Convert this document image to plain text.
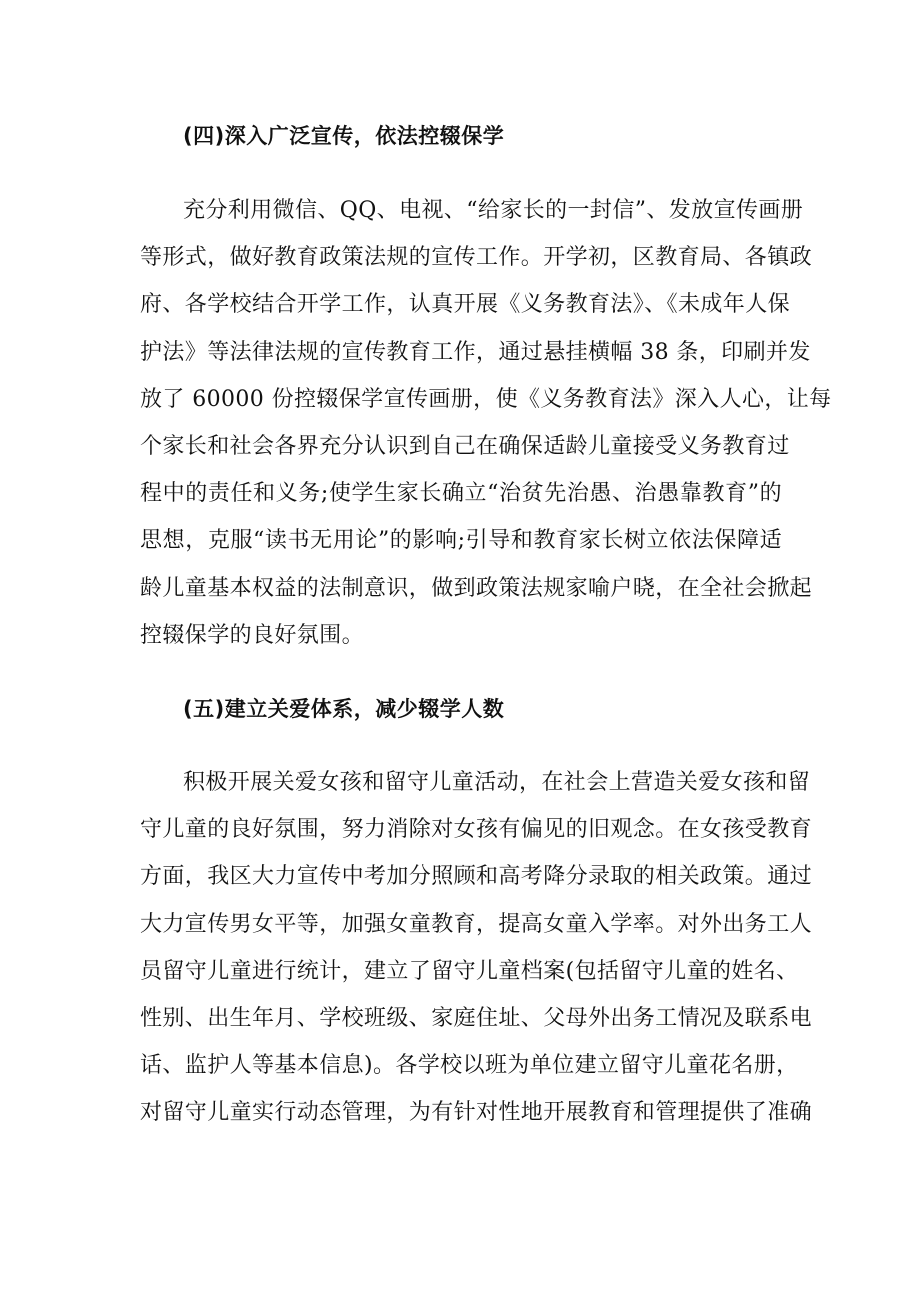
(四)深入广泛宣传，依法控辍保学
充分利用微信、QQ、电视、“给家长的一封信”、发放宣传画册
等形式，做好教育政策法规的宣传工作。开学初，区教育局、各镇政
府、各学校结合开学工作，认真开展《义务教育法》、《未成年人保
护法》等法律法规的宣传教育工作，通过悬挂横幅 38 条，印刷并发
放了 60000 份控辍保学宣传画册，使《义务教育法》深入人心，让每
个家长和社会各界充分认识到自己在确保适龄儿童接受义务教育过
程中的责任和义务;使学生家长确立“治贫先治愚、治愚靠教育”的
思想，克服“读书无用论”的影响;引导和教育家长树立依法保障适
龄儿童基本权益的法制意识，做到政策法规家喻户晓，在全社会掀起
控辍保学的良好氛围。
(五)建立关爱体系，减少辍学人数
积极开展关爱女孩和留守儿童活动，在社会上营造关爱女孩和留
守儿童的良好氛围，努力消除对女孩有偏见的旧观念。在女孩受教育
方面，我区大力宣传中考加分照顾和高考降分录取的相关政策。通过
大力宣传男女平等，加强女童教育，提高女童入学率。对外出务工人
员留守儿童进行统计，建立了留守儿童档案(包括留守儿童的姓名、
性别、出生年月、学校班级、家庭住址、父母外出务工情况及联系电
话、监护人等基本信息)。各学校以班为单位建立留守儿童花名册，
对留守儿童实行动态管理，为有针对性地开展教育和管理提供了准确
